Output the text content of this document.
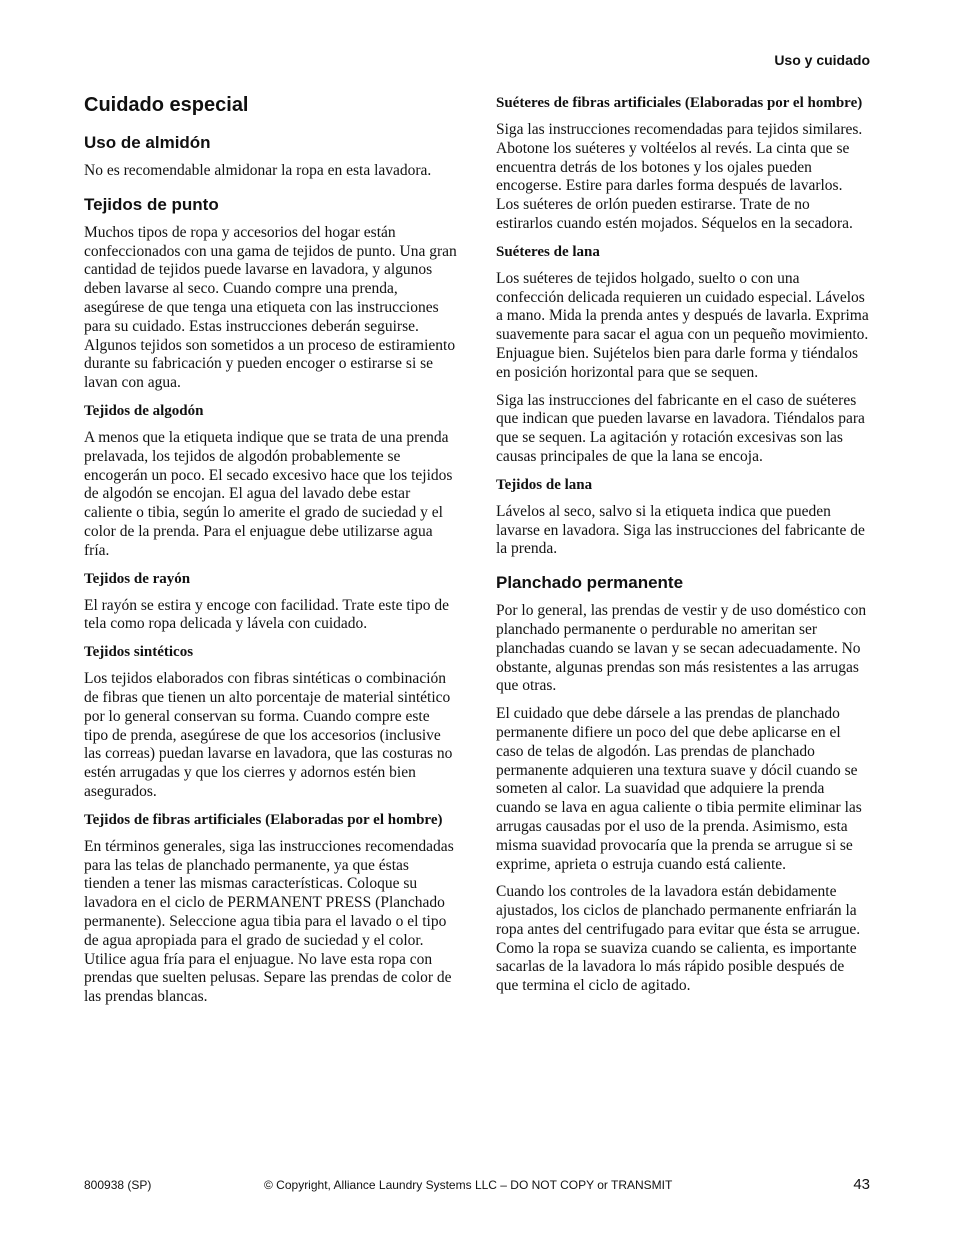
Uso y cuidado
Cuidado especial
Uso de almidón

No es recomendable almidonar la ropa en esta lavadora.

Tejidos de punto

Muchos tipos de ropa y accesorios del hogar están confeccionados con una gama de tejidos de punto. Una gran cantidad de tejidos puede lavarse en lavadora, y algunos deben lavarse al seco. Cuando compre una prenda, asegúrese de que tenga una etiqueta con las instrucciones para su cuidado. Estas instrucciones deberán seguirse. Algunos tejidos son sometidos a un proceso de estiramiento durante su fabricación y pueden encoger o estirarse si se lavan con agua.

Tejidos de algodón

A menos que la etiqueta indique que se trata de una prenda prelavada, los tejidos de algodón probablemente se encogerán un poco. El secado excesivo hace que los tejidos de algodón se encojan. El agua del lavado debe estar caliente o tibia, según lo amerite el grado de suciedad y el color de la prenda. Para el enjuague debe utilizarse agua fría.

Tejidos de rayón

El rayón se estira y encoge con facilidad. Trate este tipo de tela como ropa delicada y lávela con cuidado.

Tejidos sintéticos

Los tejidos elaborados con fibras sintéticas o combinación de fibras que tienen un alto porcentaje de material sintético por lo general conservan su forma. Cuando compre este tipo de prenda, asegúrese de que los accesorios (inclusive las correas) puedan lavarse en lavadora, que las costuras no estén arrugadas y que los cierres y adornos estén bien asegurados.

Tejidos de fibras artificiales (Elaboradas por el hombre)

En términos generales, siga las instrucciones recomendadas para las telas de planchado permanente, ya que éstas tienden a tener las mismas características. Coloque su lavadora en el ciclo de PERMANENT PRESS (Planchado permanente). Seleccione agua tibia para el lavado o el tipo de agua apropiada para el grado de suciedad y el color. Utilice agua fría para el enjuague. No lave esta ropa con prendas que suelten pelusas. Separe las prendas de color de las prendas blancas.

Suéteres de fibras artificiales (Elaboradas por el hombre)

Siga las instrucciones recomendadas para tejidos similares. Abotone los suéteres y voltéelos al revés. La cinta que se encuentra detrás de los botones y los ojales pueden encogerse. Estire para darles forma después de lavarlos. Los suéteres de orlón pueden estirarse. Trate de no estirarlos cuando estén mojados. Séquelos en la secadora.

Suéteres de lana

Los suéteres de tejidos holgado, suelto o con una confección delicada requieren un cuidado especial. Lávelos a mano. Mida la prenda antes y después de lavarla. Exprima suavemente para sacar el agua con un pequeño movimiento. Enjuague bien. Sujételos bien para darle forma y tiéndalos en posición horizontal para que se sequen.

Siga las instrucciones del fabricante en el caso de suéteres que indican que pueden lavarse en lavadora. Tiéndalos para que se sequen. La agitación y rotación excesivas son las causas principales de que la lana se encoja.

Tejidos de lana

Lávelos al seco, salvo si la etiqueta indica que pueden lavarse en lavadora. Siga las instrucciones del fabricante de la prenda.

Planchado permanente

Por lo general, las prendas de vestir y de uso doméstico con planchado permanente o perdurable no ameritan ser planchadas cuando se lavan y se secan adecuadamente. No obstante, algunas prendas son más resistentes a las arrugas que otras.

El cuidado que debe dársele a las prendas de planchado permanente difiere un poco del que debe aplicarse en el caso de telas de algodón. Las prendas de planchado permanente adquieren una textura suave y dócil cuando se someten al calor. La suavidad que adquiere la prenda cuando se lava en agua caliente o tibia permite eliminar las arrugas causadas por el uso de la prenda. Asimismo, esta misma suavidad provocaría que la prenda se arrugue si se exprime, aprieta o estruja cuando está caliente.

Cuando los controles de la lavadora están debidamente ajustados, los ciclos de planchado permanente enfriarán la ropa antes del centrifugado para evitar que ésta se arrugue. Como la ropa se suaviza cuando se calienta, es importante sacarlas de la lavadora lo más rápido posible después de que termina el ciclo de agitado.

800938 (SP)	© Copyright, Alliance Laundry Systems LLC – DO NOT COPY or TRANSMIT	43
